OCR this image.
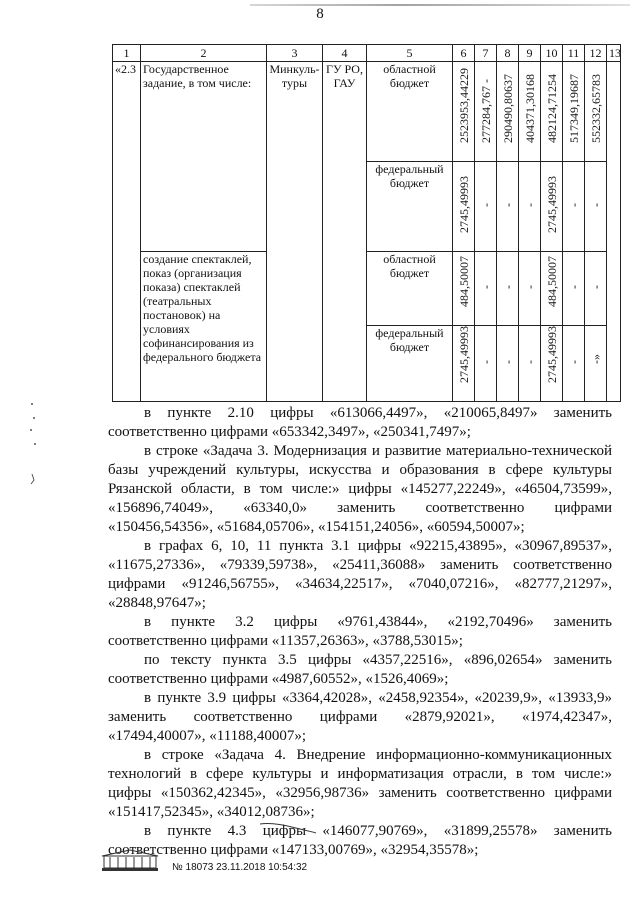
8
1	2	3	4	5	6	7	8	9	10	11	12	13
«2.3	Государственное задание, в том числе:	Минкуль-туры	ГУ РО, ГАУ	областной бюджет	2523953,44229	277284,767 -	290490,80637	404371,30168	482124,71254	517349,19687	552332,65783	

				федеральный бюджет	2745,49993	-	-	-	2745,49993	-	-	

	создание спектаклей, показ (организация показа) спектаклей (театральных постановок) на условиях софинансирования из федерального бюджета			областной бюджет	484,50007	-	-	-	484,50007	-	-	

				федеральный бюджет	2745,49993	-	-	-	2745,49993	-	-»	

в пункте 2.10 цифры «613066,4497», «210065,8497» заменить соответственно цифрами «653342,3497», «250341,7497»;

в строке «Задача 3. Модернизация и развитие материально-технической базы учреждений культуры, искусства и образования в сфере культуры Рязанской области, в том числе:» цифры «145277,22249», «46504,73599», «156896,74049», «63340,0» заменить соответственно цифрами «150456,54356», «51684,05706», «154151,24056», «60594,50007»;

в графах 6, 10, 11 пункта 3.1 цифры «92215,43895», «30967,89537», «11675,27336», «79339,59738», «25411,36088» заменить соответственно цифрами «91246,56755», «34634,22517», «7040,07216», «82777,21297», «28848,97647»;

в пункте 3.2 цифры «9761,43844», «2192,70496» заменить соответственно цифрами «11357,26363», «3788,53015»;

по тексту пункта 3.5 цифры «4357,22516», «896,02654» заменить соответственно цифрами «4987,60552», «1526,4069»;

в пункте 3.9 цифры «3364,42028», «2458,92354», «20239,9», «13933,9» заменить соответственно цифрами «2879,92021», «1974,42347», «17494,40007», «11188,40007»;

в строке «Задача 4. Внедрение информационно-коммуникационных технологий в сфере культуры и информатизация отрасли, в том числе:» цифры «150362,42345», «32956,98736» заменить соответственно цифрами «151417,52345», «34012,08736»;

в пункте 4.3 цифры «146077,90769», «31899,25578» заменить соответственно цифрами «147133,00769», «32954,35578»;

№ 18073 23.11.2018 10:54:32
